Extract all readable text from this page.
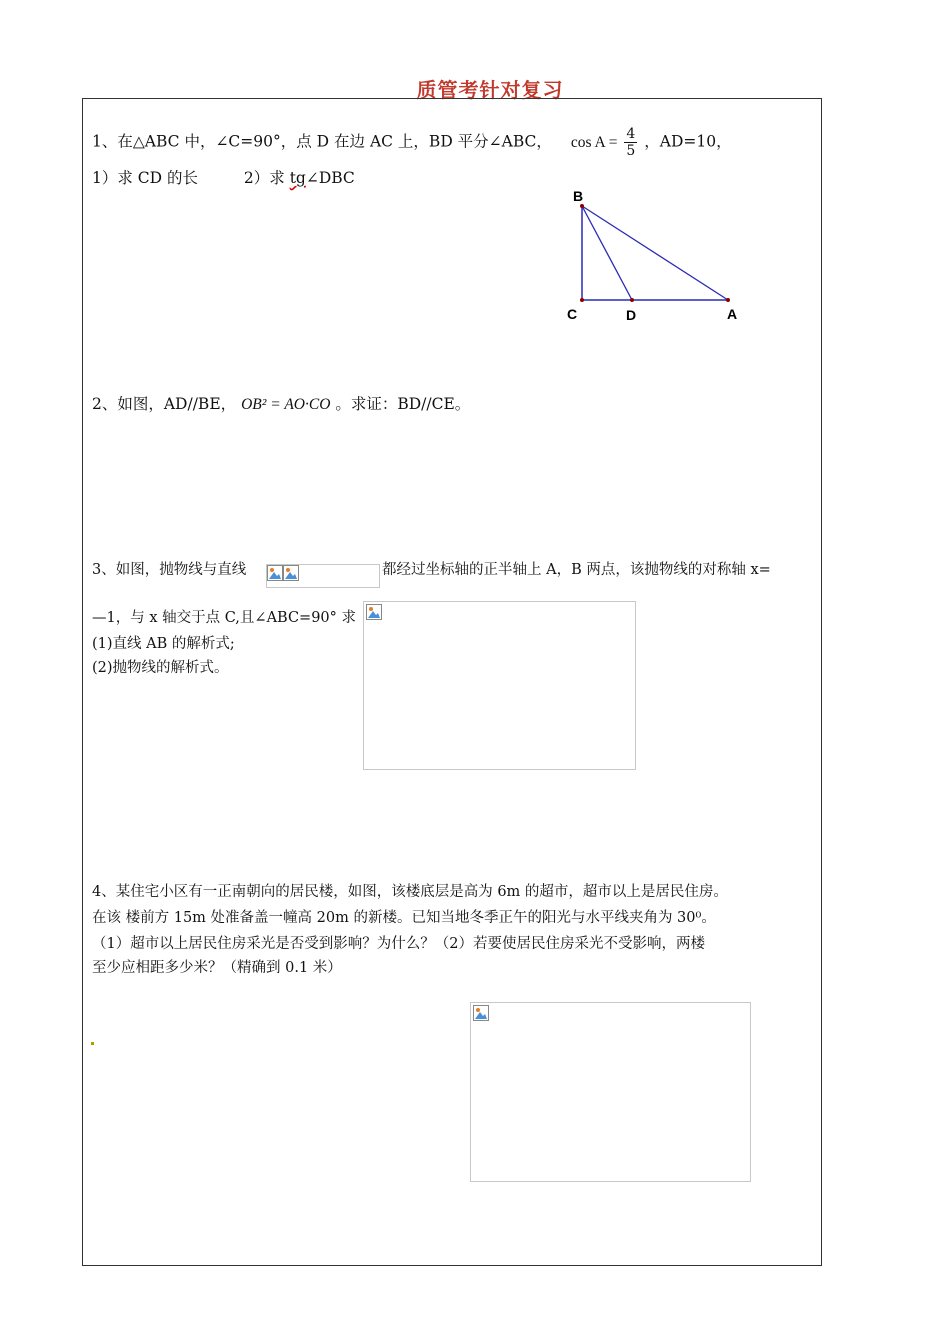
质管考针对复习
1、在△ABC 中，∠C=90°，点 D 在边 AC 上，BD 平分∠ABC， $\cos A = \frac{4}{5}$ ，AD=10，
1）求 CD 的长	2）求 tg∠DBC
B
C	D	A
2、如图，AD//BE， OB² = AO·CO 。求证：BD//CE。
3、如图，抛物线与直线	都经过坐标轴的正半轴上 A，B 两点，该抛物线的对称轴 x=
—1，与 x 轴交于点 C,且∠ABC=90° 求
(1)直线 AB 的解析式;
(2)抛物线的解析式。
4、某住宅小区有一正南朝向的居民楼，如图，该楼底层是高为 6m 的超市，超市以上是居民住房。
在该 楼前方 15m 处准备盖一幢高 20m 的新楼。已知当地冬季正午的阳光与水平线夹角为 30⁰。
（1）超市以上居民住房采光是否受到影响？为什么？（2）若要使居民住房采光不受影响，两楼
至少应相距多少米？（精确到 0.1 米）
